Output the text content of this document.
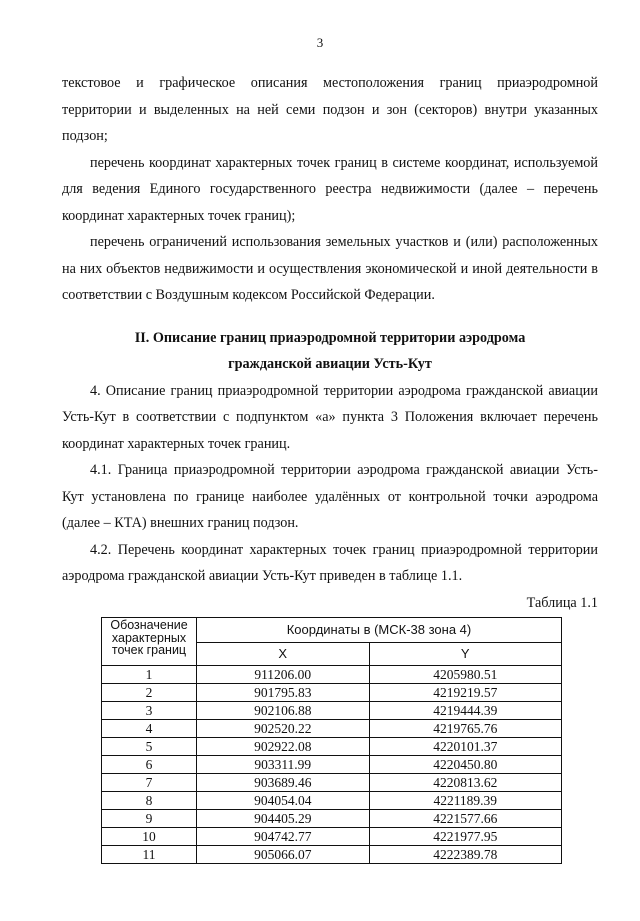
3

текстовое и графическое описания местоположения границ приаэродромной территории и выделенных на ней семи подзон и зон (секторов) внутри указанных подзон;

перечень координат характерных точек границ в системе координат, используемой для ведения Единого государственного реестра недвижимости (далее – перечень координат характерных точек границ);

перечень ограничений использования земельных участков и (или) расположенных на них объектов недвижимости и осуществления экономической и иной деятельности в соответствии с Воздушным кодексом Российской Федерации.

II. Описание границ приаэродромной территории аэродрома
гражданской авиации Усть-Кут

4. Описание границ приаэродромной территории аэродрома гражданской авиации Усть-Кут в соответствии с подпунктом «а» пункта 3 Положения включает перечень координат характерных точек границ.

4.1. Граница приаэродромной территории аэродрома гражданской авиации Усть-Кут установлена по границе наиболее удалённых от контрольной точки аэродрома (далее – КТА) внешних границ подзон.

4.2. Перечень координат характерных точек границ приаэродромной территории аэродрома гражданской авиации Усть-Кут приведен в таблице 1.1.

Таблица 1.1
Обозначение характерных точек границ	Координаты в (МСК-38 зона 4)	
	X	Y
1	911206.00	4205980.51
2	901795.83	4219219.57
3	902106.88	4219444.39
4	902520.22	4219765.76
5	902922.08	4220101.37
6	903311.99	4220450.80
7	903689.46	4220813.62
8	904054.04	4221189.39
9	904405.29	4221577.66
10	904742.77	4221977.95
11	905066.07	4222389.78
